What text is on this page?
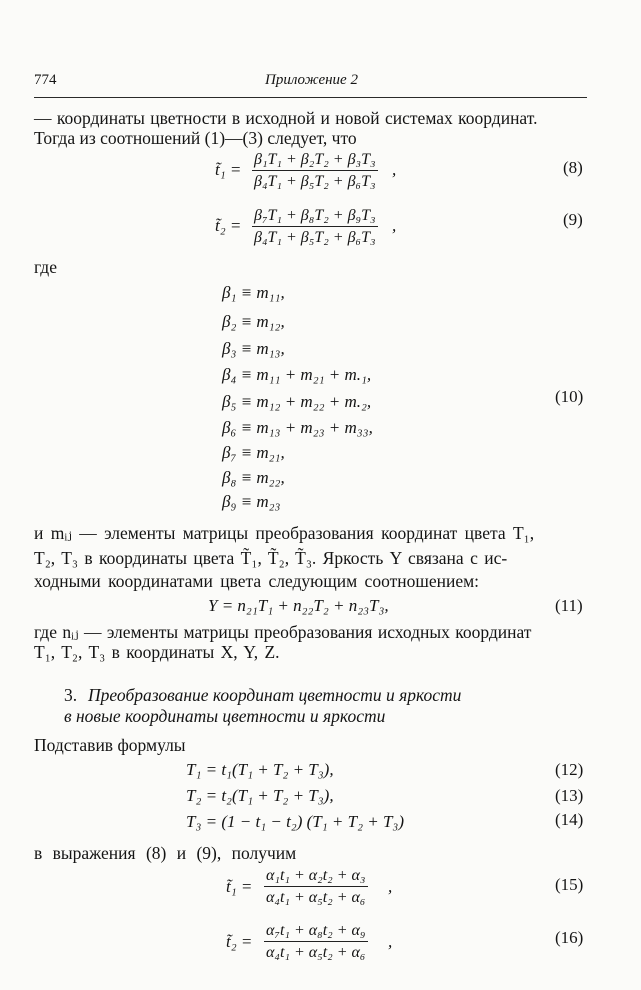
774	Приложение 2
— координаты цветности в исходной и новой системах координат.
Тогда из соотношений (1)—(3) следует, что
t̃₁ = $\frac{\text{β₁T₁ + β₂T₂ + β₃T₃}}{\text{β₄T₁ + β₅T₂ + β₆T₃}}$ ,	(8)
t̃₂ = $\frac{\text{β₇T₁ + β₈T₂ + β₉T₃}}{\text{β₄T₁ + β₅T₂ + β₆T₃}}$ ,	(9)
где
β₁ ≡ m₁₁,
β₂ ≡ m₁₂,
β₃ ≡ m₁₃,
β₄ ≡ m₁₁ + m₂₁ + m.₁,
β₅ ≡ m₁₂ + m₂₂ + m.₂,
β₆ ≡ m₁₃ + m₂₃ + m₃₃,
β₇ ≡ m₂₁,
β₈ ≡ m₂₂,
β₉ ≡ m₂₃
(10)
и mᵢⱼ — элементы матрицы преобразования координат цвета T₁,
T₂, T₃ в координаты цвета T̃₁, T̃₂, T̃₃. Яркость Y связана с ис-
ходными координатами цвета следующим соотношением:
Y = n₂₁T₁ + n₂₂T₂ + n₂₃T₃,	(11)
где nᵢⱼ — элементы матрицы преобразования исходных координат
T₁, T₂, T₃ в координаты X, Y, Z.
3. Преобразование координат цветности и яркости
в новые координаты цветности и яркости
Подставив формулы
T₁ = t₁(T₁ + T₂ + T₃),	(12)
T₂ = t₂(T₁ + T₂ + T₃),	(13)
T₃ = (1 − t₁ − t₂) (T₁ + T₂ + T₃)	(14)
в выражения (8) и (9), получим
t̃₁ = $\frac{\text{α₁t₁ + α₂t₂ + α₃}}{\text{α₄t₁ + α₅t₂ + α₆}}$ ,	(15)
t̃₂ = $\frac{\text{α₇t₁ + α₈t₂ + α₉}}{\text{α₄t₁ + α₅t₂ + α₆}}$ ,	(16)
